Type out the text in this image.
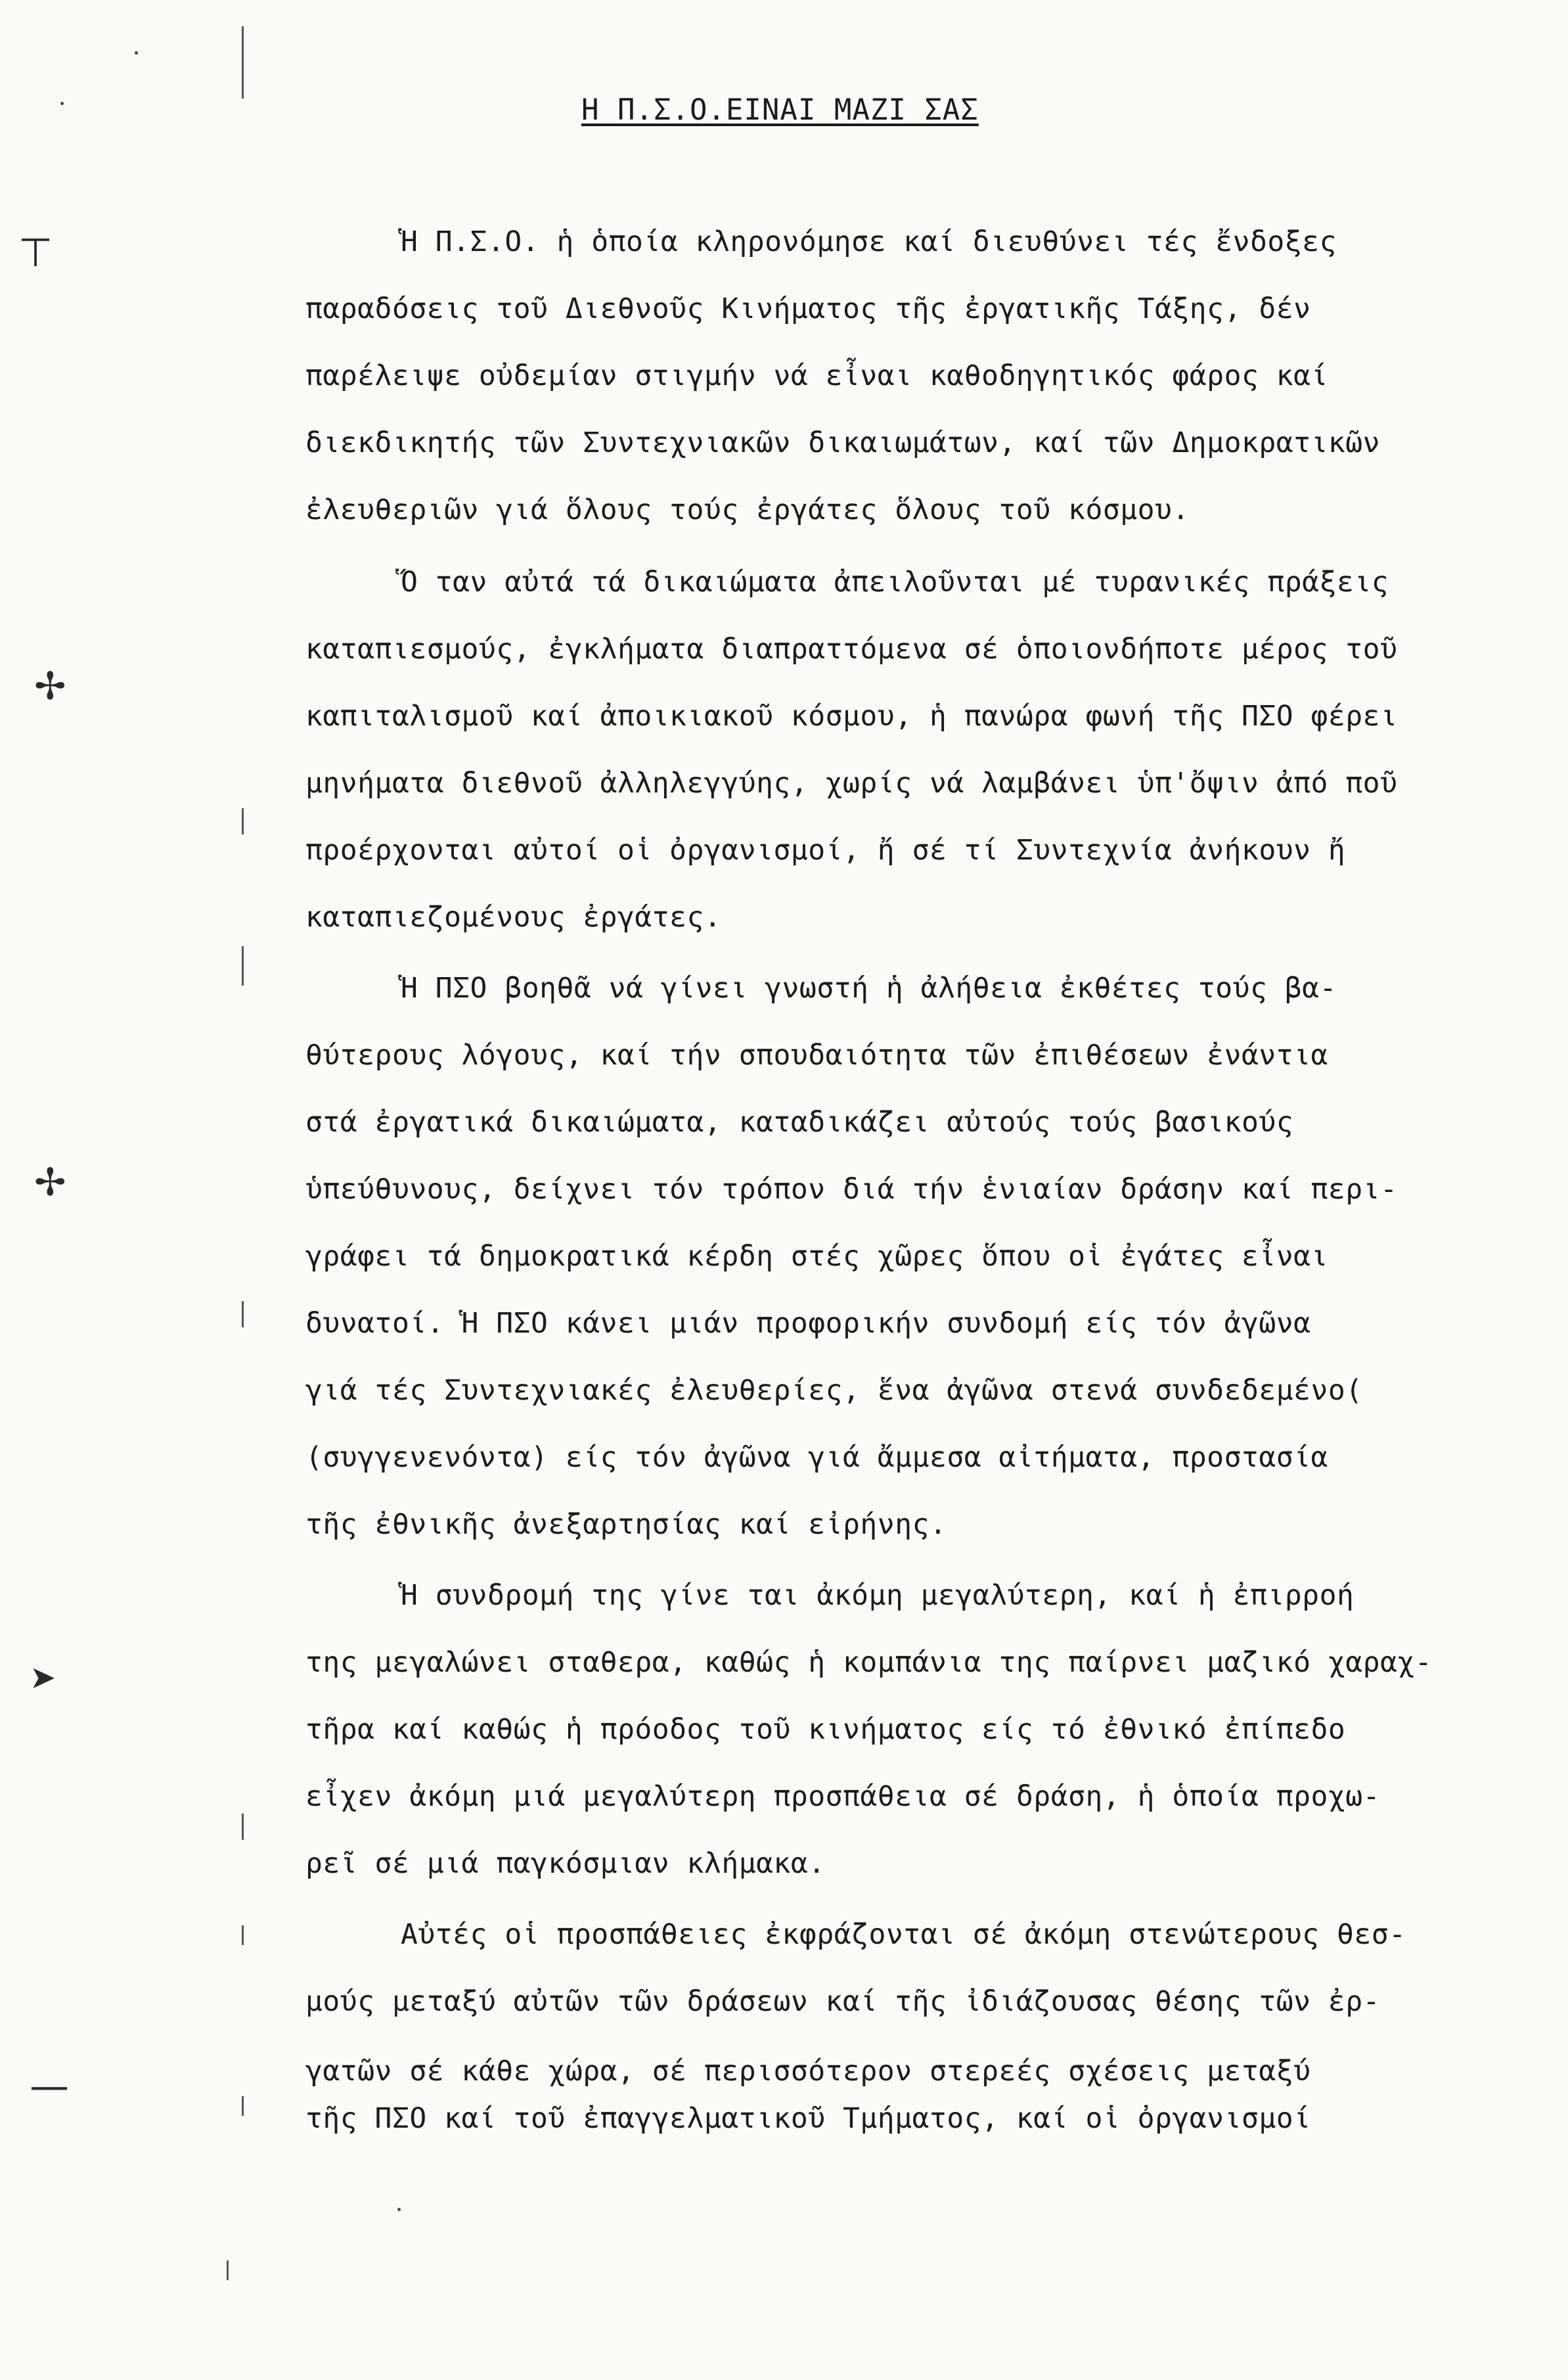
⊤
✢
✢
➤
—
Η Π.Σ.Ο.ΕΙΝΑΙ ΜΑΖΙ ΣΑΣ
Ἡ Π.Σ.Ο. ἡ ὁποία κληρονόμησε καί διευθύνει τές ἔνδοξες
παραδόσεις τοῦ Διεθνοῦς Κινήματος τῆς ἐργατικῆς Τάξης, δέν
παρέλειψε οὐδεμίαν στιγμήν νά εἶναι καθοδηγητικός φάρος καί
διεκδικητής τῶν Συντεχνιακῶν δικαιωμάτων, καί τῶν Δημοκρατικῶν
ἐλευθεριῶν γιά ὅλους τούς ἐργάτες ὅλους τοῦ κόσμου.
Ὅ ταν αὐτά τά δικαιώματα ἀπειλοῦνται μέ τυρανικές πράξεις
καταπιεσμούς, ἐγκλήματα διαπραττόμενα σέ ὁποιονδήποτε μέρος τοῦ
καπιταλισμοῦ καί ἀποικιακοῦ κόσμου, ἡ πανώρα φωνή τῆς ΠΣΟ φέρει
μηνήματα διεθνοῦ ἀλληλεγγύης, χωρίς νά λαμβάνει ὑπ'ὄψιν ἀπό ποῦ
προέρχονται αὐτοί οἱ ὀργανισμοί, ἤ σέ τί Συντεχνία ἀνήκουν ἤ
καταπιεζομένους ἐργάτες.
Ἡ ΠΣΟ βοηθᾶ νά γίνει γνωστή ἡ ἀλήθεια ἐκθέτες τούς βα-
θύτερους λόγους, καί τήν σπουδαιότητα τῶν ἐπιθέσεων ἐνάντια
στά ἐργατικά δικαιώματα, καταδικάζει αὐτούς τούς βασικούς
ὑπεύθυνους, δείχνει τόν τρόπον διά τήν ἑνιαίαν δράσην καί περι-
γράφει τά δημοκρατικά κέρδη στές χῶρες ὅπου οἱ ἐγάτες εἶναι
δυνατοί. Ἡ ΠΣΟ κάνει μιάν προφορικήν συνδομή είς τόν ἀγῶνα
γιά τές Συντεχνιακές ἐλευθερίες, ἕνα ἀγῶνα στενά συνδεδεμένο(
(συγγενενόντα) είς τόν ἀγῶνα γιά ἄμμεσα αἰτήματα, προστασία
τῆς ἐθνικῆς ἀνεξαρτησίας καί εἰρήνης.
Ἡ συνδρομή της γίνε ται ἀκόμη μεγαλύτερη, καί ἡ ἐπιρροή
της μεγαλώνει σταθερα, καθώς ἡ κομπάνια της παίρνει μαζικό χαραχ-
τῆρα καί καθώς ἡ πρόοδος τοῦ κινήματος είς τό ἐθνικό ἐπίπεδο
εἶχεν ἀκόμη μιά μεγαλύτερη προσπάθεια σέ δράση, ἡ ὁποία προχω-
ρεῖ σέ μιά παγκόσμιαν κλήμακα.
Αὐτές οἱ προσπάθειες ἐκφράζονται σέ ἀκόμη στενώτερους θεσ-
μούς μεταξύ αὐτῶν τῶν δράσεων καί τῆς ἰδιάζουσας θέσης τῶν ἐρ-
γατῶν σέ κάθε χώρα, σέ περισσότερον στερεές σχέσεις μεταξύ
τῆς ΠΣΟ καί τοῦ ἐπαγγελματικοῦ Τμήματος, καί οἱ ὀργανισμοί
